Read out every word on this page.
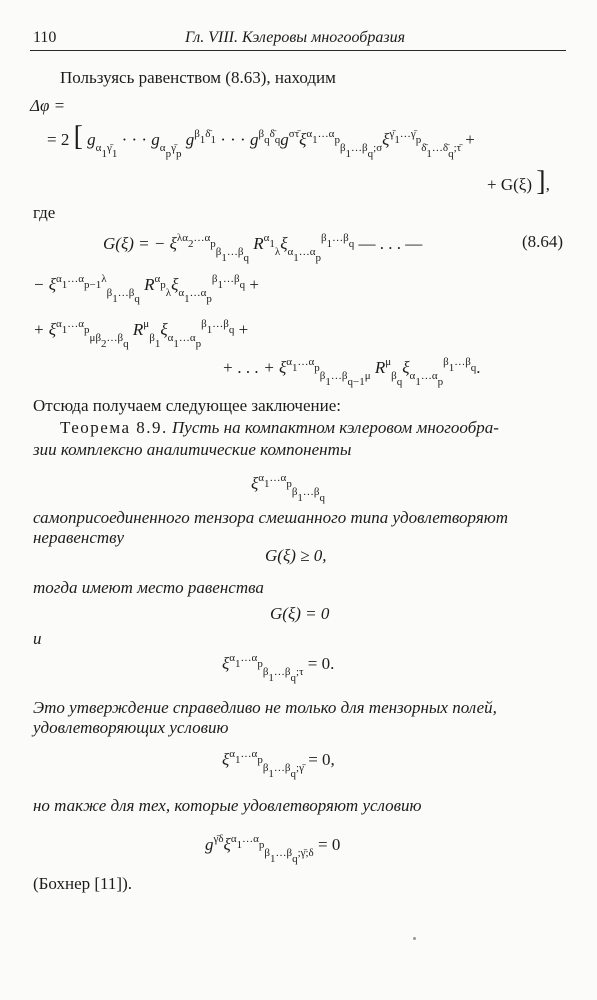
110	Гл. VIII. Кэлеровы многообразия
Пользуясь равенством (8.63), находим
Δφ =
= 2 [ $g_{\alpha_1\gammā_1}$ · · · $g_{\alpha_p\gammā_p}$ $g^{\beta_1\deltā_1}$ · · · $g^{\beta_q\deltā_q}g^{\sigma\taū}\xi^{\alpha_1\dots\alpha_p}_{\beta_1\dots\beta_q;\sigma}\xi^{\gammā_1\dots\gammā_p}_{\deltā_1\dots\deltā_q;\taū}$ +
+ G(ξ) ],
где
G(ξ) = − $\xi^{\lambda\alpha_2\dots\alpha_p}_{\beta_1\dots\beta_q}$ $R^{\alpha_1}_\lambda\xi_{\alpha_1\dots\alpha_p}^{\beta_1\dots\beta_q}$ — . . . —	(8.64)
− $\xi^{\alpha_1\dots\alpha_{p-1}\lambda}_{\beta_1\dots\beta_q}$ $R^{\alpha_p}_\lambda\xi_{\alpha_1\dots\alpha_p}^{\beta_1\dots\beta_q}$ +
+ $\xi^{\alpha_1\dots\alpha_p}_{\mu\beta_2\dots\beta_q}$ $R^\mu_{\beta_1}\xi_{\alpha_1\dots\alpha_p}^{\beta_1\dots\beta_q}$ +
+ . . . + $\xi^{\alpha_1\dots\alpha_p}_{\beta_1\dots\beta_{q-1}\mu}$ $R^\mu_{\beta_q}\xi_{\alpha_1\dots\alpha_p}^{\beta_1\dots\beta_q}$.
Отсюда получаем следующее заключение:
Теорема 8.9. Пусть на компактном кэлеровом многообра-
зии комплексно аналитические компоненты
$\xi^{\alpha_1\dots\alpha_p}_{\beta_1\dots\beta_q}$
самоприсоединенного тензора смешанного типа удовлетворяют
неравенству
G(ξ) ≥ 0,
тогда имеют место равенства
G(ξ) = 0
и
$\xi^{\alpha_1\dots\alpha_p}_{\beta_1\dots\beta_q;\tau} = 0$.
Это утверждение справедливо не только для тензорных полей,
удовлетворяющих условию
$\xi^{\alpha_1\dots\alpha_p}_{\beta_1\dots\beta_q;\gammā} = 0$,
но также для тех, которые удовлетворяют условию
$g^{\gammā\delta}\xi^{\alpha_1\dots\alpha_p}_{\beta_1\dots\beta_q;\gammā;\delta} = 0$
(Бохнер [11]).
